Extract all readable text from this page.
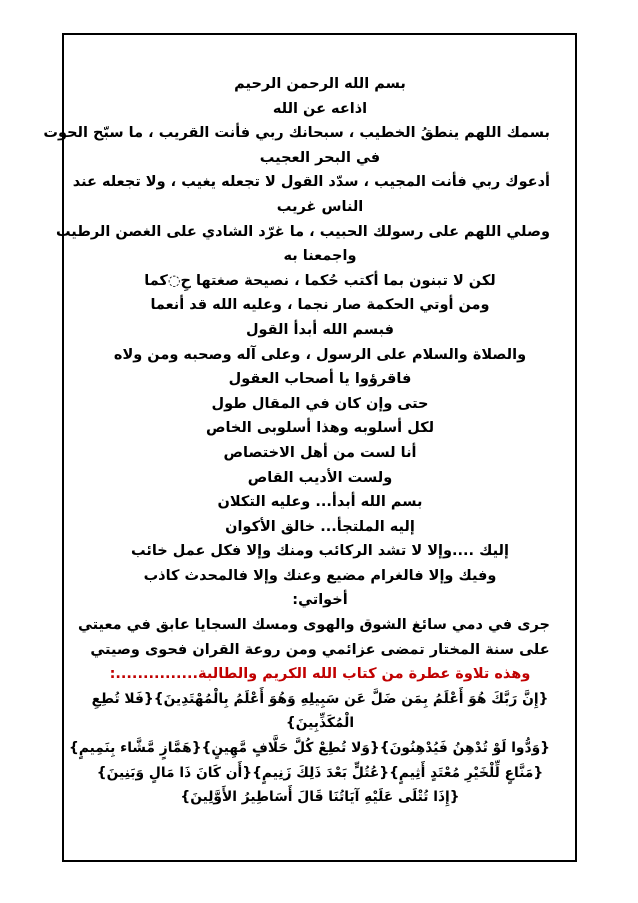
بسم الله الرحمن الرحيم
اذاعه عن الله
بسمك اللهم ينطقُ الخطيب ، سبحانك ربي فأنت القريب ، ما سبّح الحوت
في البحر العجيب
أدعوك ربي فأنت المجيب ، سدّد القول لا تجعله يغيب ، ولا تجعله عند
الناس غريب
وصلي اللهم على رسولك الحبيب ، ما غرّد الشادي على الغصن الرطيب
واجمعنا به
لكن لا تبنون بما أكتب حُكما ، نصيحة صغتها حِ◌كما
ومن أوتي الحكمة صار نجما ، وعليه الله قد أنعما
فبسم الله أبدأ القول
والصلاة والسلام على الرسول ، وعلى آله وصحبه ومن ولاه
فاقرؤوا يا أصحاب العقول
حتى وإن كان في المقال طول
لكل أسلوبه وهذا أسلوبى الخاص
أنا لست من أهل الاختصاص
ولست الأديب القاص
بسم الله أبدأ... وعليه التكلان
إليه الملتجأ... خالق الأكوان
إليك ....وإلا لا تشد الركائب ومنك وإلا فكل عمل خائب
وفيك وإلا فالغرام مضيع وعنك وإلا فالمحدث كاذب
أخواتي:
جرى في دمي سائغ الشوق والهوى ومسك السجايا عابق في معيتي
على سنة المختار تمضى عزائمي ومن روعة القران فحوى وصيتي
وهذه تلاوة عطرة من كتاب الله الكريم والطالبة...............:
{إِنَّ رَبَّكَ هُوَ أَعْلَمُ بِمَن ضَلَّ عَن سَبِيلِهِ وَهُوَ أَعْلَمُ بِالْمُهْتَدِينَ}{فَلا تُطِعِ
الْمُكَذِّبِينَ}
{وَدُّوا لَوْ تُدْهِنُ فَيُدْهِنُونَ}{وَلا تُطِعْ كُلَّ حَلَّافٍ مَّهِينٍ}{هَمَّازٍ مَّشَّاء بِنَمِيمٍ}
{مَنَّاعٍ لِّلْخَيْرِ مُعْتَدٍ أَثِيمٍ}{عُتُلٍّ بَعْدَ ذَلِكَ زَنِيمٍ}{أَن كَانَ ذَا مَالٍ وَبَنِينَ}
{إِذَا تُتْلَى عَلَيْهِ آيَاتُنَا قَالَ أَسَاطِيرُ الأَوَّلِينَ}
